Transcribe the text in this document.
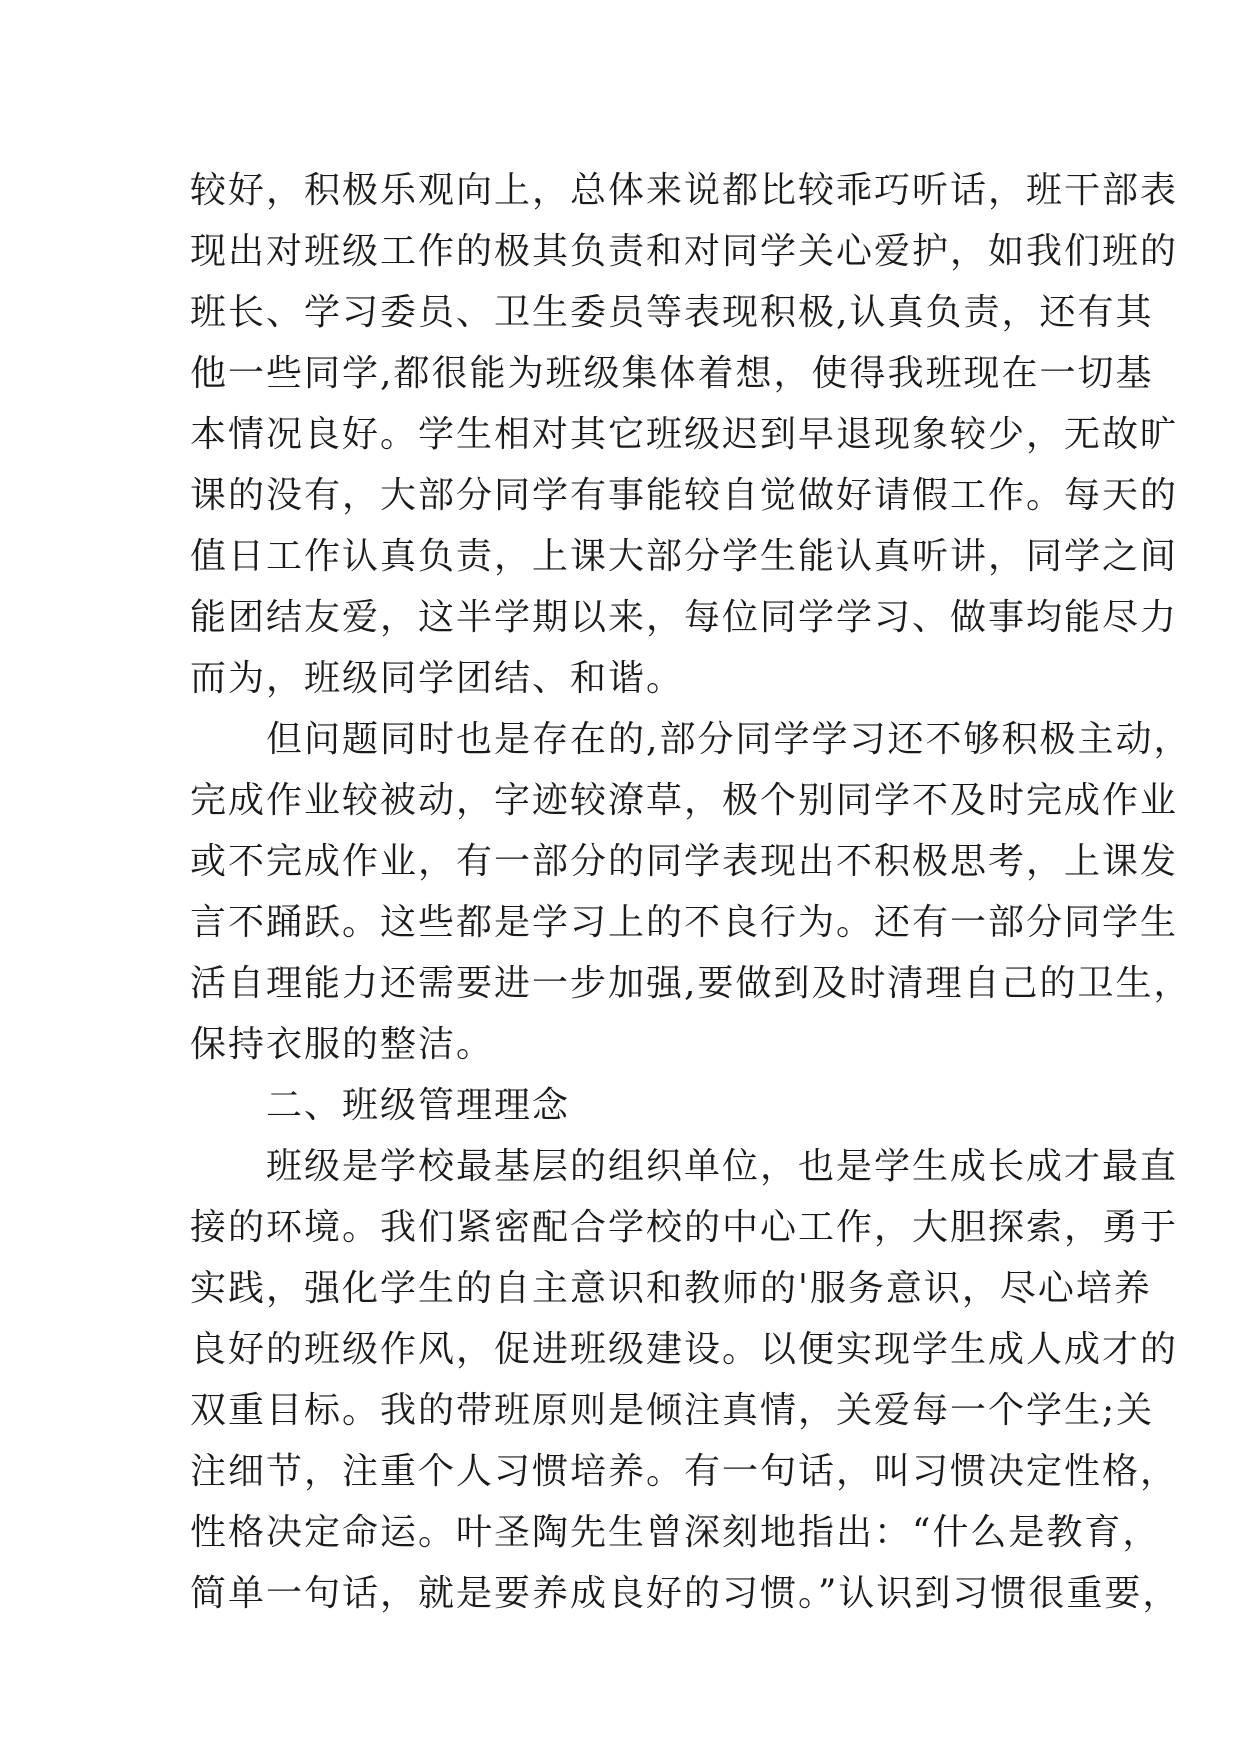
较好，积极乐观向上，总体来说都比较乖巧听话，班干部表
现出对班级工作的极其负责和对同学关心爱护，如我们班的
班长、学习委员、卫生委员等表现积极,认真负责，还有其
他一些同学,都很能为班级集体着想，使得我班现在一切基
本情况良好。学生相对其它班级迟到早退现象较少，无故旷
课的没有，大部分同学有事能较自觉做好请假工作。每天的
值日工作认真负责，上课大部分学生能认真听讲，同学之间
能团结友爱，这半学期以来，每位同学学习、做事均能尽力
而为，班级同学团结、和谐。
　　但问题同时也是存在的,部分同学学习还不够积极主动，
完成作业较被动，字迹较潦草，极个别同学不及时完成作业
或不完成作业，有一部分的同学表现出不积极思考，上课发
言不踊跃。这些都是学习上的不良行为。还有一部分同学生
活自理能力还需要进一步加强,要做到及时清理自己的卫生，
保持衣服的整洁。
　　二、班级管理理念
　　班级是学校最基层的组织单位，也是学生成长成才最直
接的环境。我们紧密配合学校的中心工作，大胆探索，勇于
实践，强化学生的自主意识和教师的'服务意识，尽心培养
良好的班级作风，促进班级建设。以便实现学生成人成才的
双重目标。我的带班原则是倾注真情，关爱每一个学生;关
注细节，注重个人习惯培养。有一句话，叫习惯决定性格，
性格决定命运。叶圣陶先生曾深刻地指出：“什么是教育，
简单一句话，就是要养成良好的习惯。”认识到习惯很重要，
